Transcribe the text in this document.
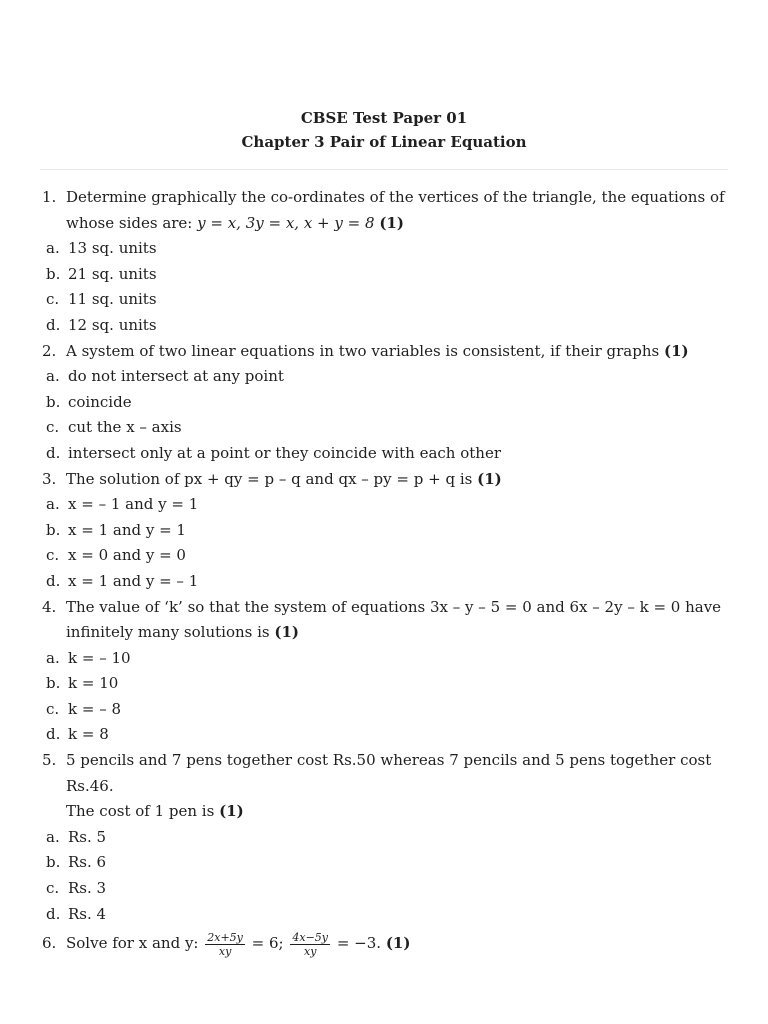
CBSE Test Paper 01
Chapter 3 Pair of Linear Equation
1. Determine graphically the co-ordinates of the vertices of the triangle, the equations of
whose sides are: y = x, 3y = x, x + y = 8 (1)
a. 13 sq. units
b. 21 sq. units
c. 11 sq. units
d. 12 sq. units
2. A system of two linear equations in two variables is consistent, if their graphs (1)
a. do not intersect at any point
b. coincide
c. cut the x – axis
d. intersect only at a point or they coincide with each other
3. The solution of px + qy = p – q and qx – py = p + q is (1)
a. x = – 1 and y = 1
b. x = 1 and y = 1
c. x = 0 and y = 0
d. x = 1 and y = – 1
4. The value of ‘k’ so that the system of equations 3x – y – 5 = 0 and 6x – 2y – k = 0 have
infinitely many solutions is (1)
a. k = – 10
b. k = 10
c. k = – 8
d. k = 8
5. 5 pencils and 7 pens together cost Rs.50 whereas 7 pencils and 5 pens together cost Rs.46.
The cost of 1 pen is (1)
a. Rs. 5
b. Rs. 6
c. Rs. 3
d. Rs. 4
6. Solve for x and y: $\frac{2x+5y}{xy} = 6$; $\frac{4x-5y}{xy} = -3$. (1)
